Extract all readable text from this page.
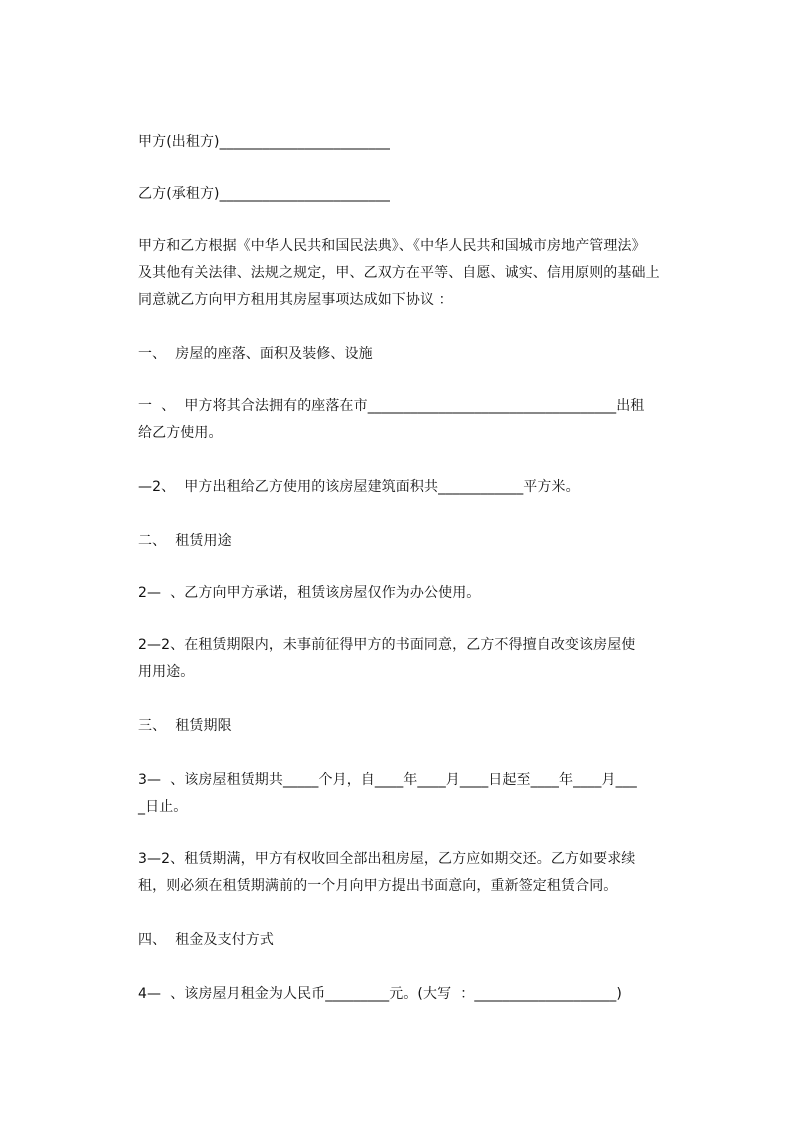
甲方(出租方)________________________
乙方(承租方)________________________
甲方和乙方根据《中华人民共和国民法典》、《中华人民共和国城市房地产管理法》
及其他有关法律、法规之规定，甲、乙双方在平等、自愿、诚实、信用原则的基础上
同意就乙方向甲方租用其房屋事项达成如下协议 ：
一、  房屋的座落、面积及装修、设施
一  、  甲方将其合法拥有的座落在市___________________________________出租
给乙方使用。
—2、  甲方出租给乙方使用的该房屋建筑面积共____________平方米。
二、  租赁用途
2—  、乙方向甲方承诺，租赁该房屋仅作为办公使用。
2—2、在租赁期限内，未事前征得甲方的书面同意，乙方不得擅自改变该房屋使
用用途。
三、  租赁期限
3—  、该房屋租赁期共_____个月，自____年____月____日起至____年____月___
_日止。
3—2、租赁期满，甲方有权收回全部出租房屋，乙方应如期交还。乙方如要求续
租，则必须在租赁期满前的一个月向甲方提出书面意向，重新签定租赁合同。
四、  租金及支付方式
4—  、该房屋月租金为人民币_________元。(大写  ：____________________)
